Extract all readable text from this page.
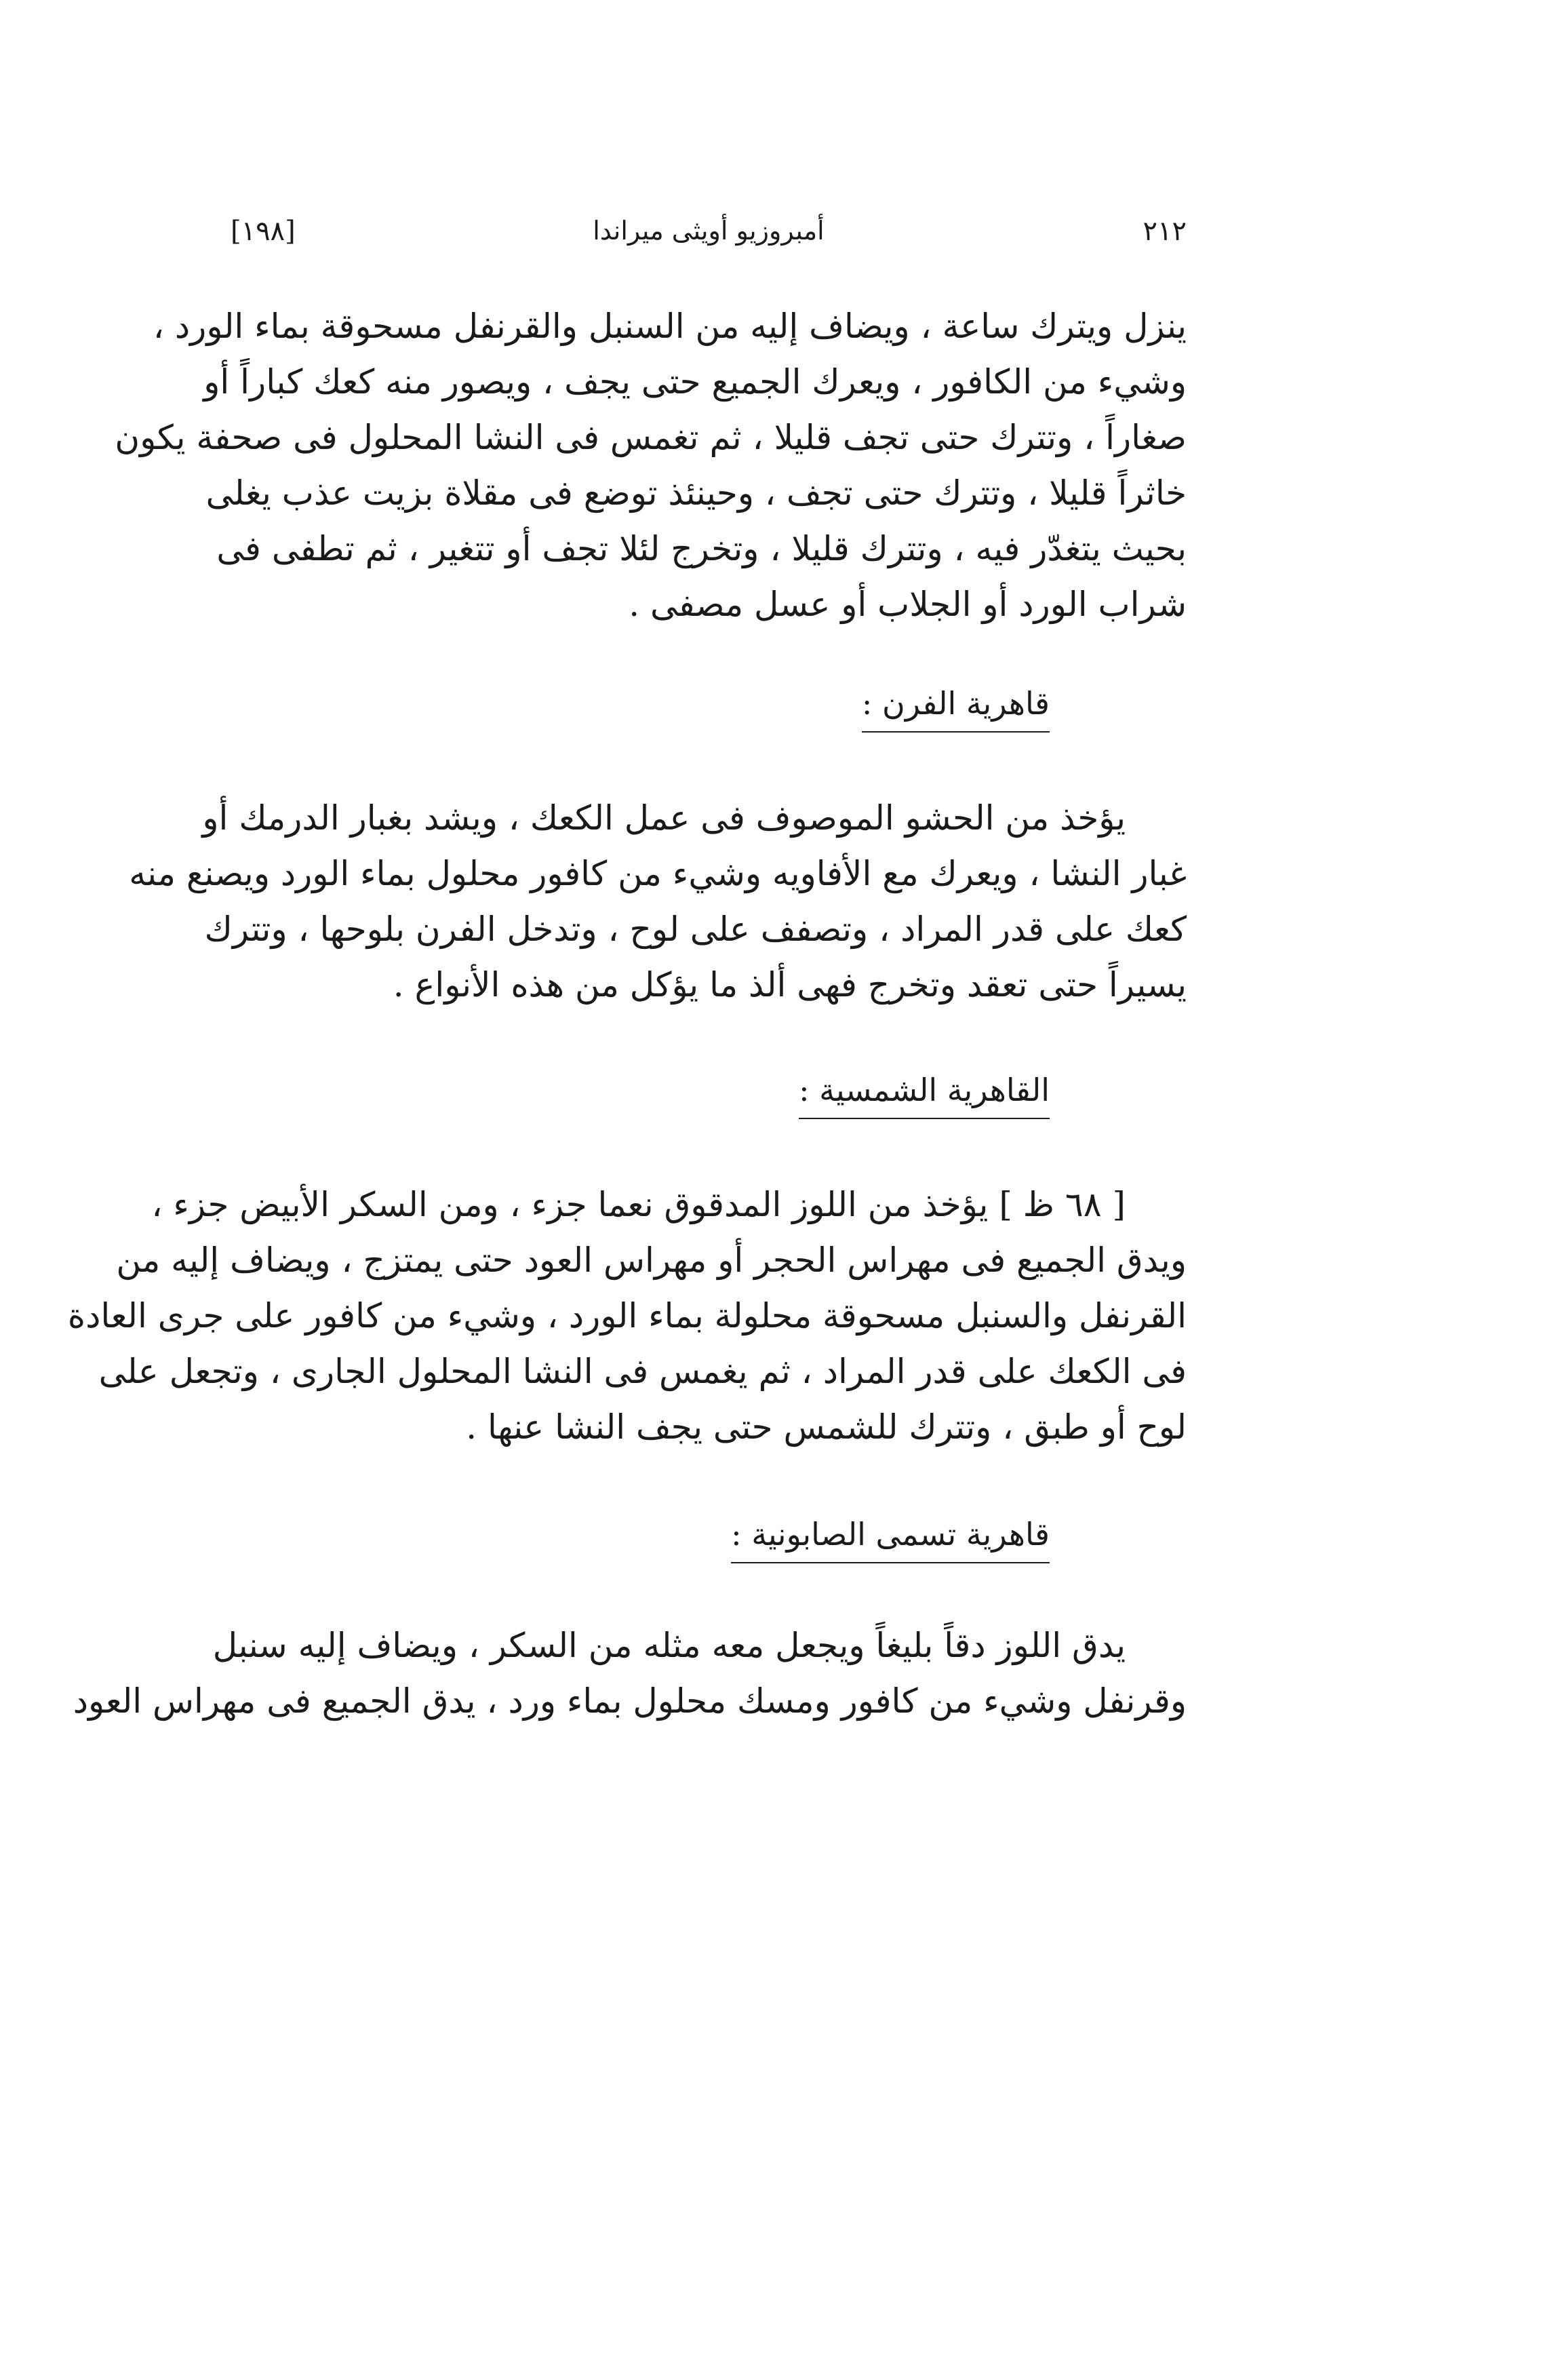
٢١٢
أمبروزيو أويثى ميراندا
[١٩٨]
ينزل ويترك ساعة ، ويضاف إليه من السنبل والقرنفل مسحوقة بماء الورد ،
وشيء من الكافور ، ويعرك الجميع حتى يجف ، ويصور منه كعك كباراً أو
صغاراً ، وتترك حتى تجف قليلا ، ثم تغمس فى النشا المحلول فى صحفة يكون
خاثراً قليلا ، وتترك حتى تجف ، وحينئذ توضع فى مقلاة بزيت عذب يغلى
بحيث يتغدّر فيه ، وتترك قليلا ، وتخرج لئلا تجف أو تتغير ، ثم تطفى فى
شراب الورد أو الجلاب أو عسل مصفى .
قاهرية الفرن :
يؤخذ من الحشو الموصوف فى عمل الكعك ، ويشد بغبار الدرمك أو
غبار النشا ، ويعرك مع الأفاويه وشيء من كافور محلول بماء الورد ويصنع منه
كعك على قدر المراد ، وتصفف على لوح ، وتدخل الفرن بلوحها ، وتترك
يسيراً حتى تعقد وتخرج فهى ألذ ما يؤكل من هذه الأنواع .
القاهرية الشمسية :
[ ٦٨ ظ ] يؤخذ من اللوز المدقوق نعما جزء ، ومن السكر الأبيض جزء ،
ويدق الجميع فى مهراس الحجر أو مهراس العود حتى يمتزج ، ويضاف إليه من
القرنفل والسنبل مسحوقة محلولة بماء الورد ، وشيء من كافور على جرى العادة
فى الكعك على قدر المراد ، ثم يغمس فى النشا المحلول الجارى ، وتجعل على
لوح أو طبق ، وتترك للشمس حتى يجف النشا عنها .
قاهرية تسمى الصابونية :
يدق اللوز دقاً بليغاً ويجعل معه مثله من السكر ، ويضاف إليه سنبل
وقرنفل وشيء من كافور ومسك محلول بماء ورد ، يدق الجميع فى مهراس العود
